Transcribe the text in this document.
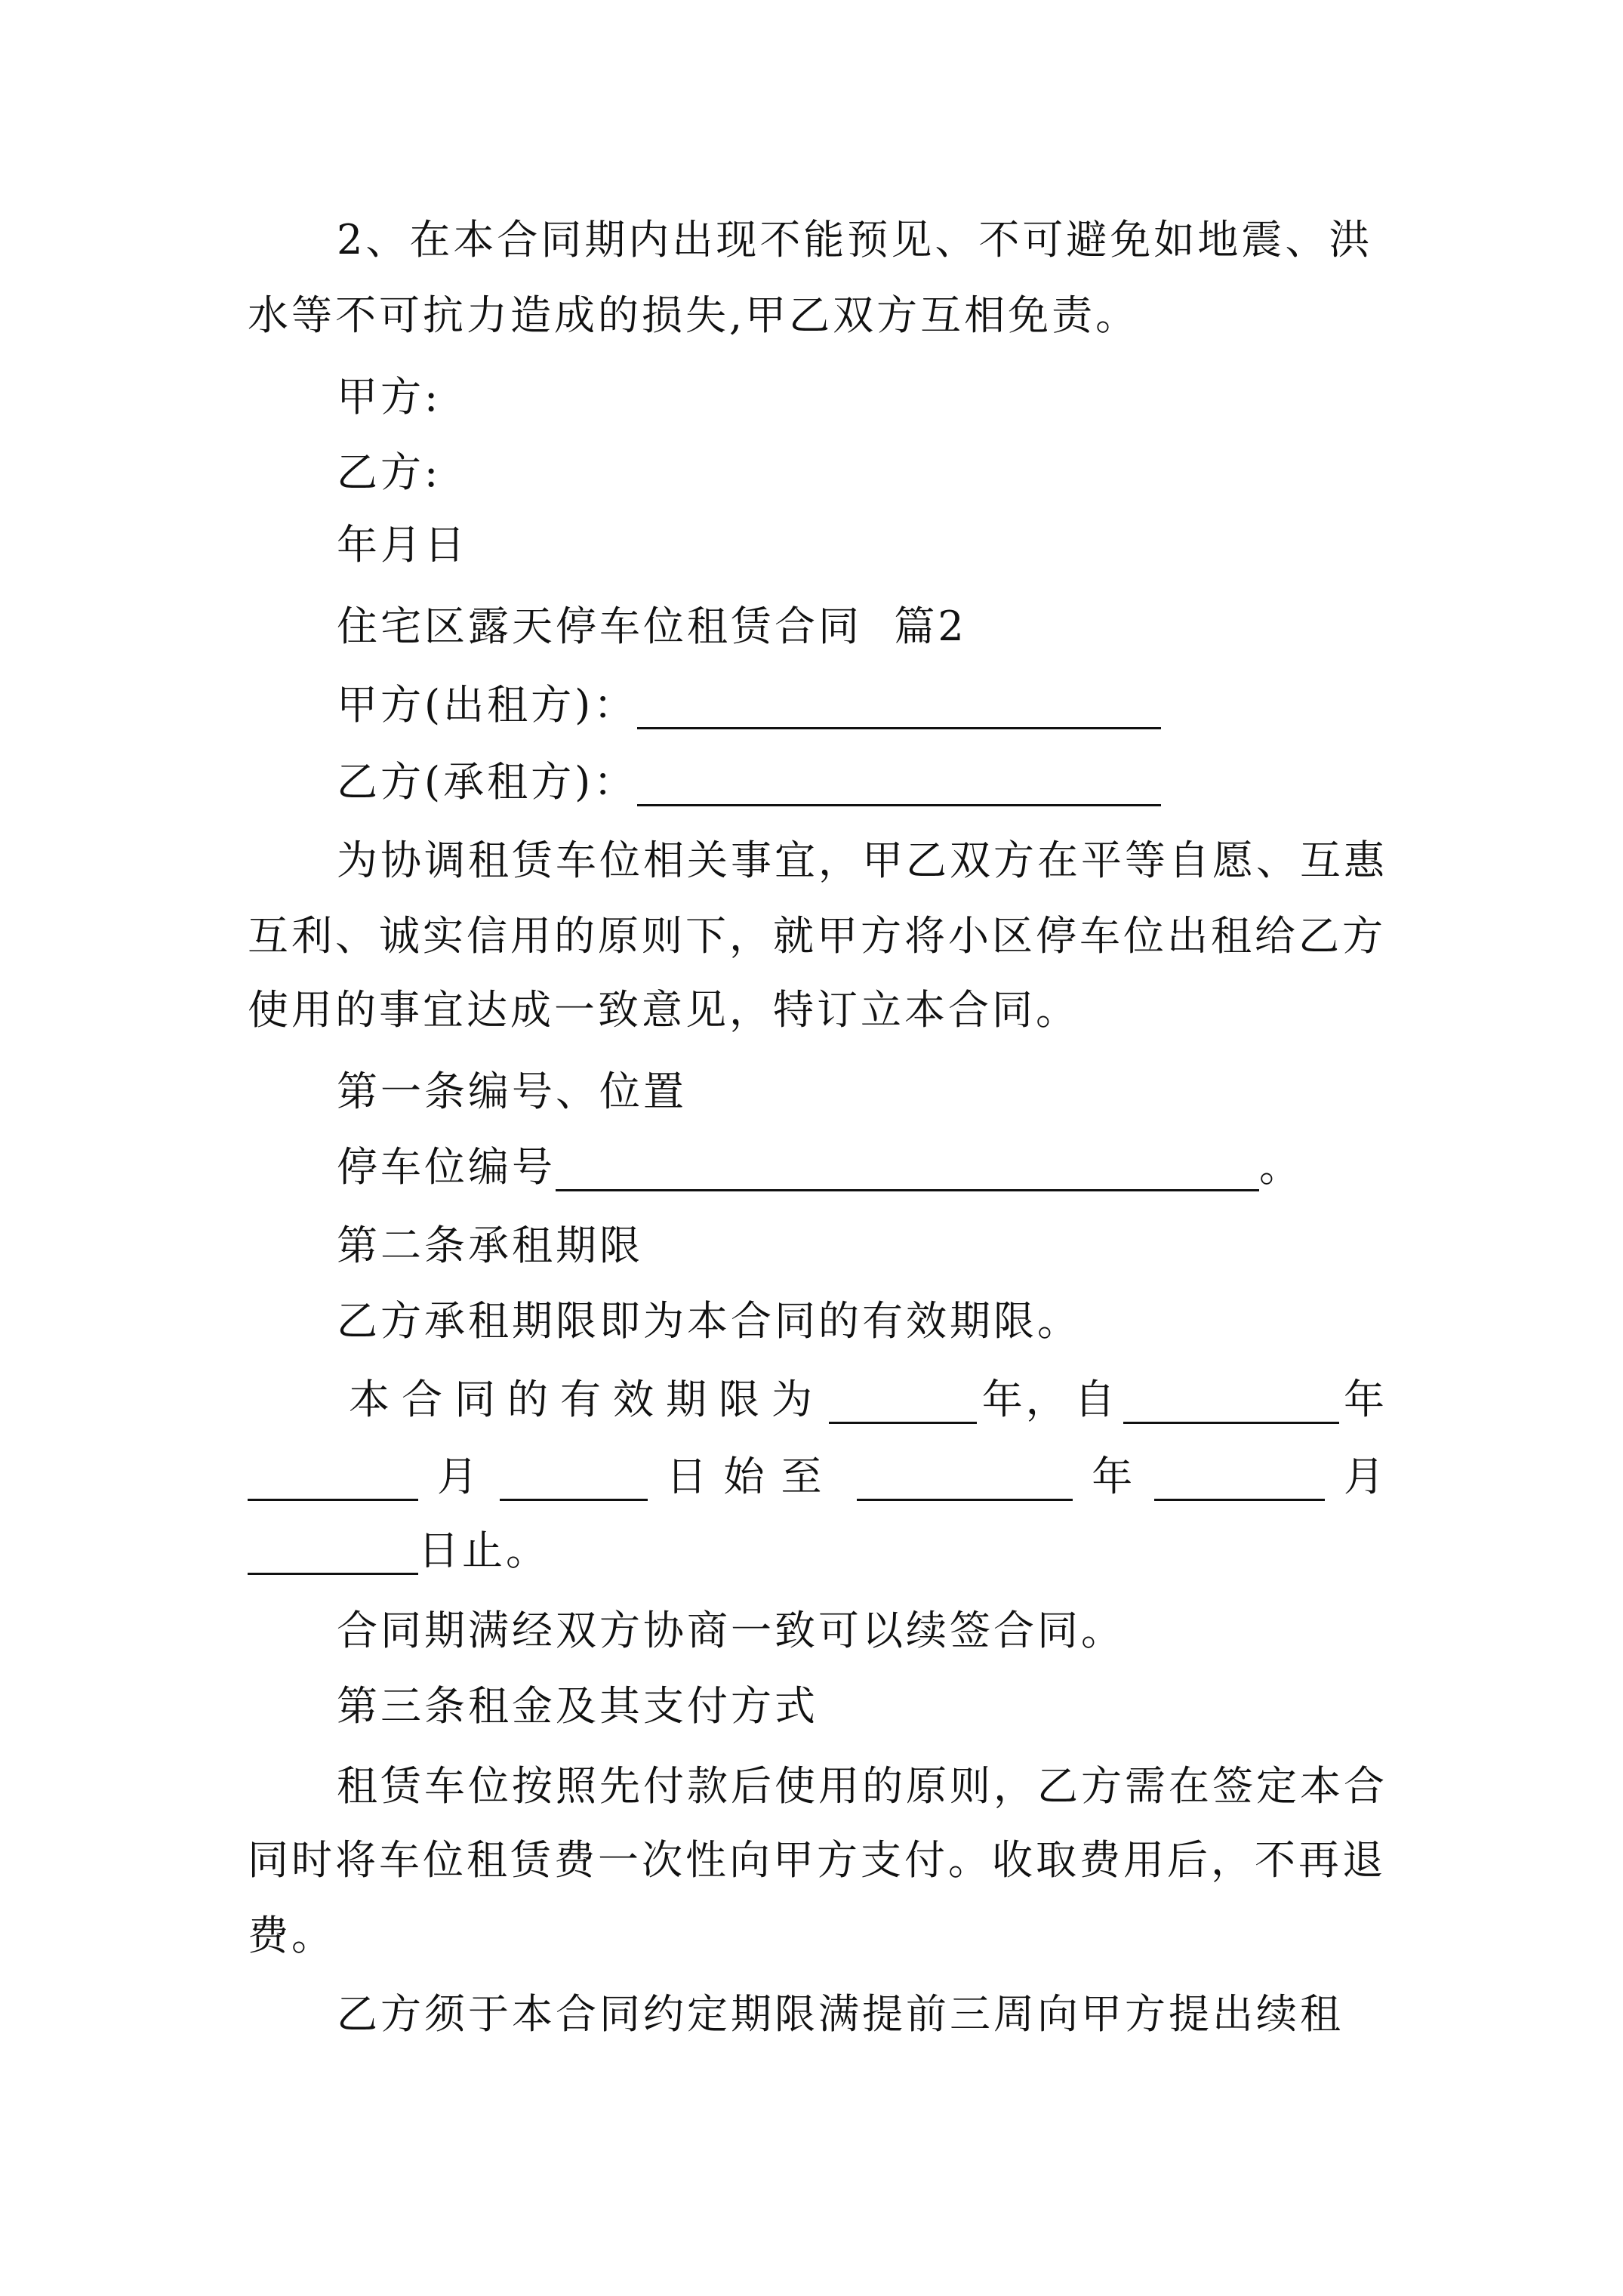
2、在本合同期内出现不能预见、不可避免如地震、洪
水等不可抗力造成的损失,甲乙双方互相免责。
甲方:
乙方:
年月日
住宅区露天停车位租赁合同  篇2
甲方(出租方)：
乙方(承租方)：
为协调租赁车位相关事宜，甲乙双方在平等自愿、互惠
互利、诚实信用的原则下，就甲方将小区停车位出租给乙方
使用的事宜达成一致意见，特订立本合同。
第一条编号、位置
停车位编号	。
第二条承租期限
乙方承租期限即为本合同的有效期限。
本合同的有效期限为	年， 自	年
月	日始至	年	月
日止。
合同期满经双方协商一致可以续签合同。
第三条租金及其支付方式
租赁车位按照先付款后使用的原则，乙方需在签定本合
同时将车位租赁费一次性向甲方支付。收取费用后，不再退
费。
乙方须于本合同约定期限满提前三周向甲方提出续租
